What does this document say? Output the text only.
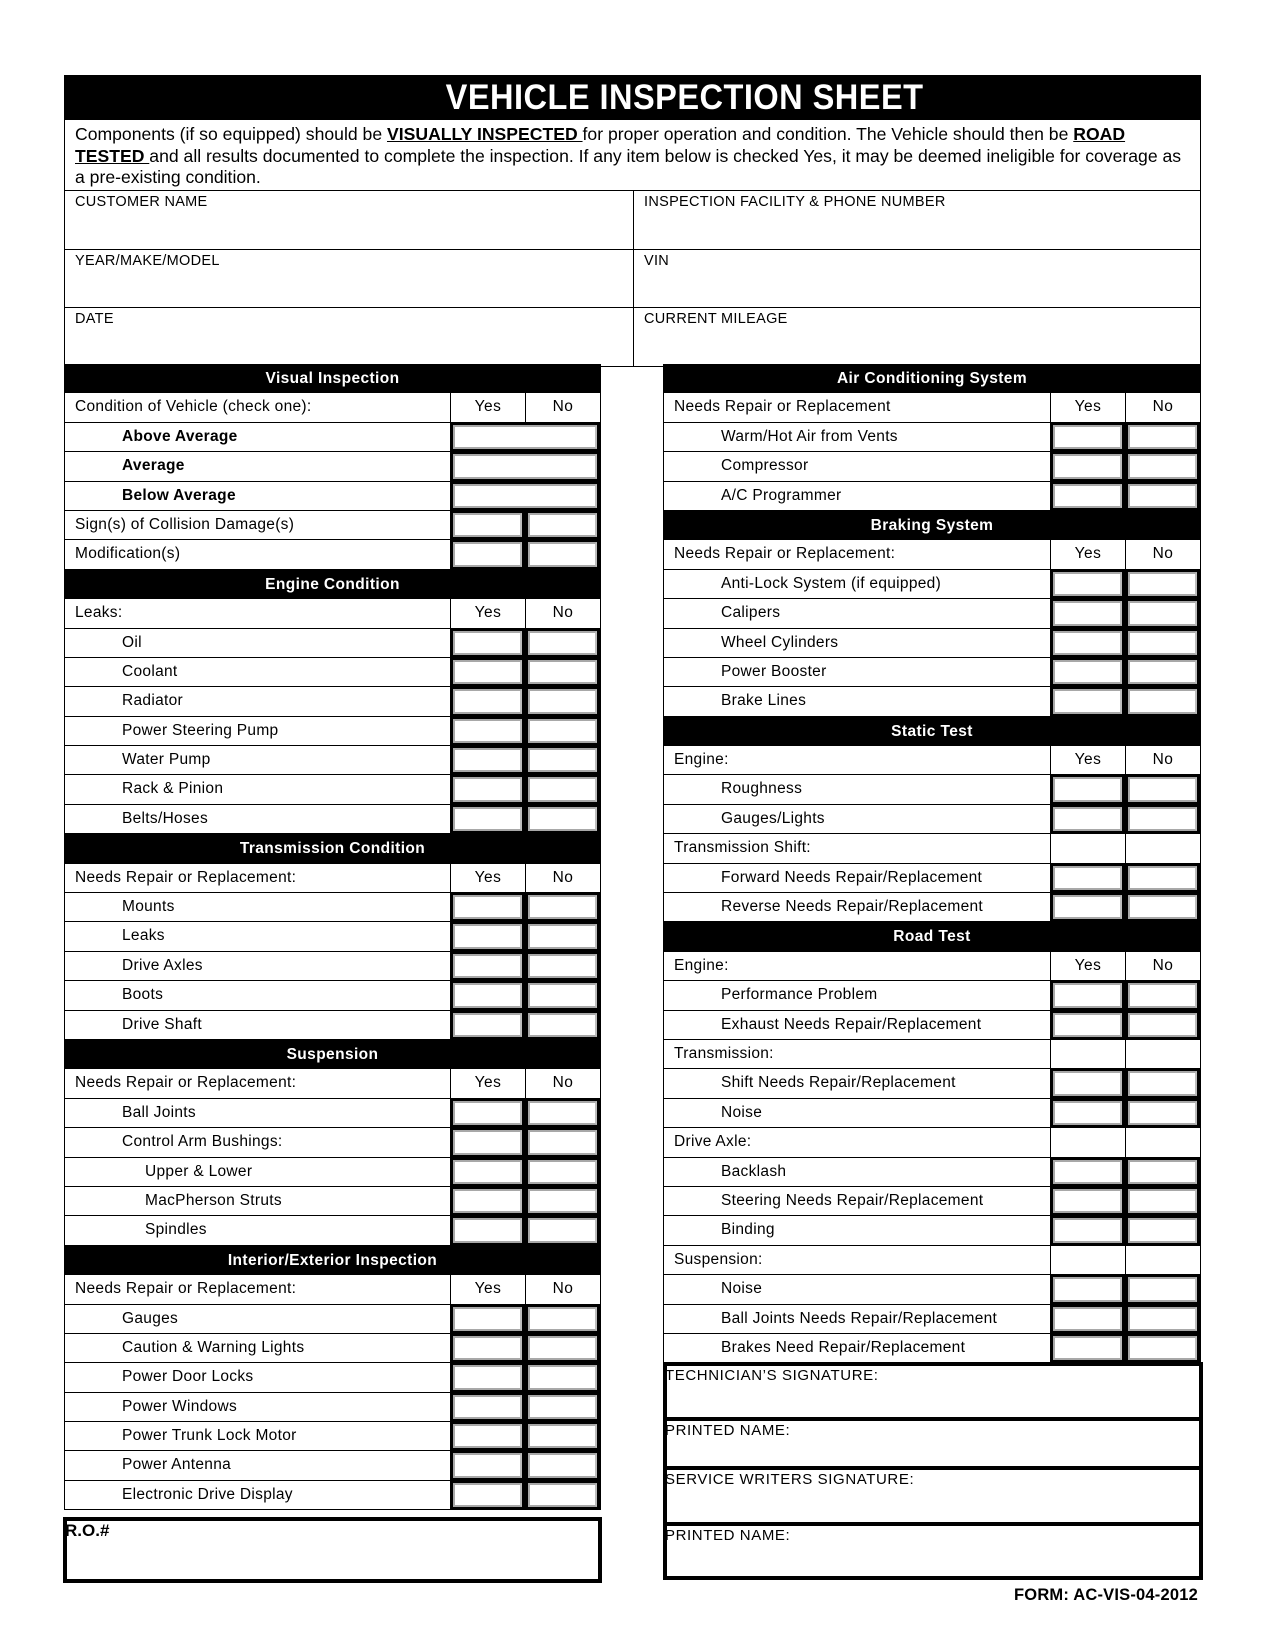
VEHICLE INSPECTION SHEET
Components (if so equipped) should be VISUALLY INSPECTED for proper operation and condition. The Vehicle should then be ROAD TESTED and all results documented to complete the inspection. If any item below is checked Yes, it may be deemed ineligible for coverage as a pre-existing condition.
CUSTOMER NAME	INSPECTION FACILITY & PHONE NUMBER
YEAR/MAKE/MODEL	VIN
DATE	CURRENT MILEAGE
Visual Inspection
Condition of Vehicle (check one):	Yes	No
Above Average
Average
Below Average
Sign(s) of Collision Damage(s)
Modification(s)
Engine Condition
Leaks:	Yes	No
Oil
Coolant
Radiator
Power Steering Pump
Water Pump
Rack & Pinion
Belts/Hoses
Transmission Condition
Needs Repair or Replacement:	Yes	No
Mounts
Leaks
Drive Axles
Boots
Drive Shaft
Suspension
Needs Repair or Replacement:	Yes	No
Ball Joints
Control Arm Bushings:
Upper & Lower
MacPherson Struts
Spindles
Interior/Exterior Inspection
Needs Repair or Replacement:	Yes	No
Gauges
Caution & Warning Lights
Power Door Locks
Power Windows
Power Trunk Lock Motor
Power Antenna
Electronic Drive Display
Air Conditioning System
Needs Repair or Replacement	Yes	No
Warm/Hot Air from Vents
Compressor
A/C Programmer
Braking System
Needs Repair or Replacement:	Yes	No
Anti-Lock System (if equipped)
Calipers
Wheel Cylinders
Power Booster
Brake Lines
Static Test
Engine:	Yes	No
Roughness
Gauges/Lights
Transmission Shift:
Forward Needs Repair/Replacement
Reverse Needs Repair/Replacement
Road Test
Engine:	Yes	No
Performance Problem
Exhaust Needs Repair/Replacement
Transmission:
Shift Needs Repair/Replacement
Noise
Drive Axle:
Backlash
Steering Needs Repair/Replacement
Binding
Suspension:
Noise
Ball Joints Needs Repair/Replacement
Brakes Need Repair/Replacement
R.O.#
TECHNICIAN’S SIGNATURE:
PRINTED NAME:
SERVICE WRITERS SIGNATURE:
PRINTED NAME:
FORM: AC-VIS-04-2012
